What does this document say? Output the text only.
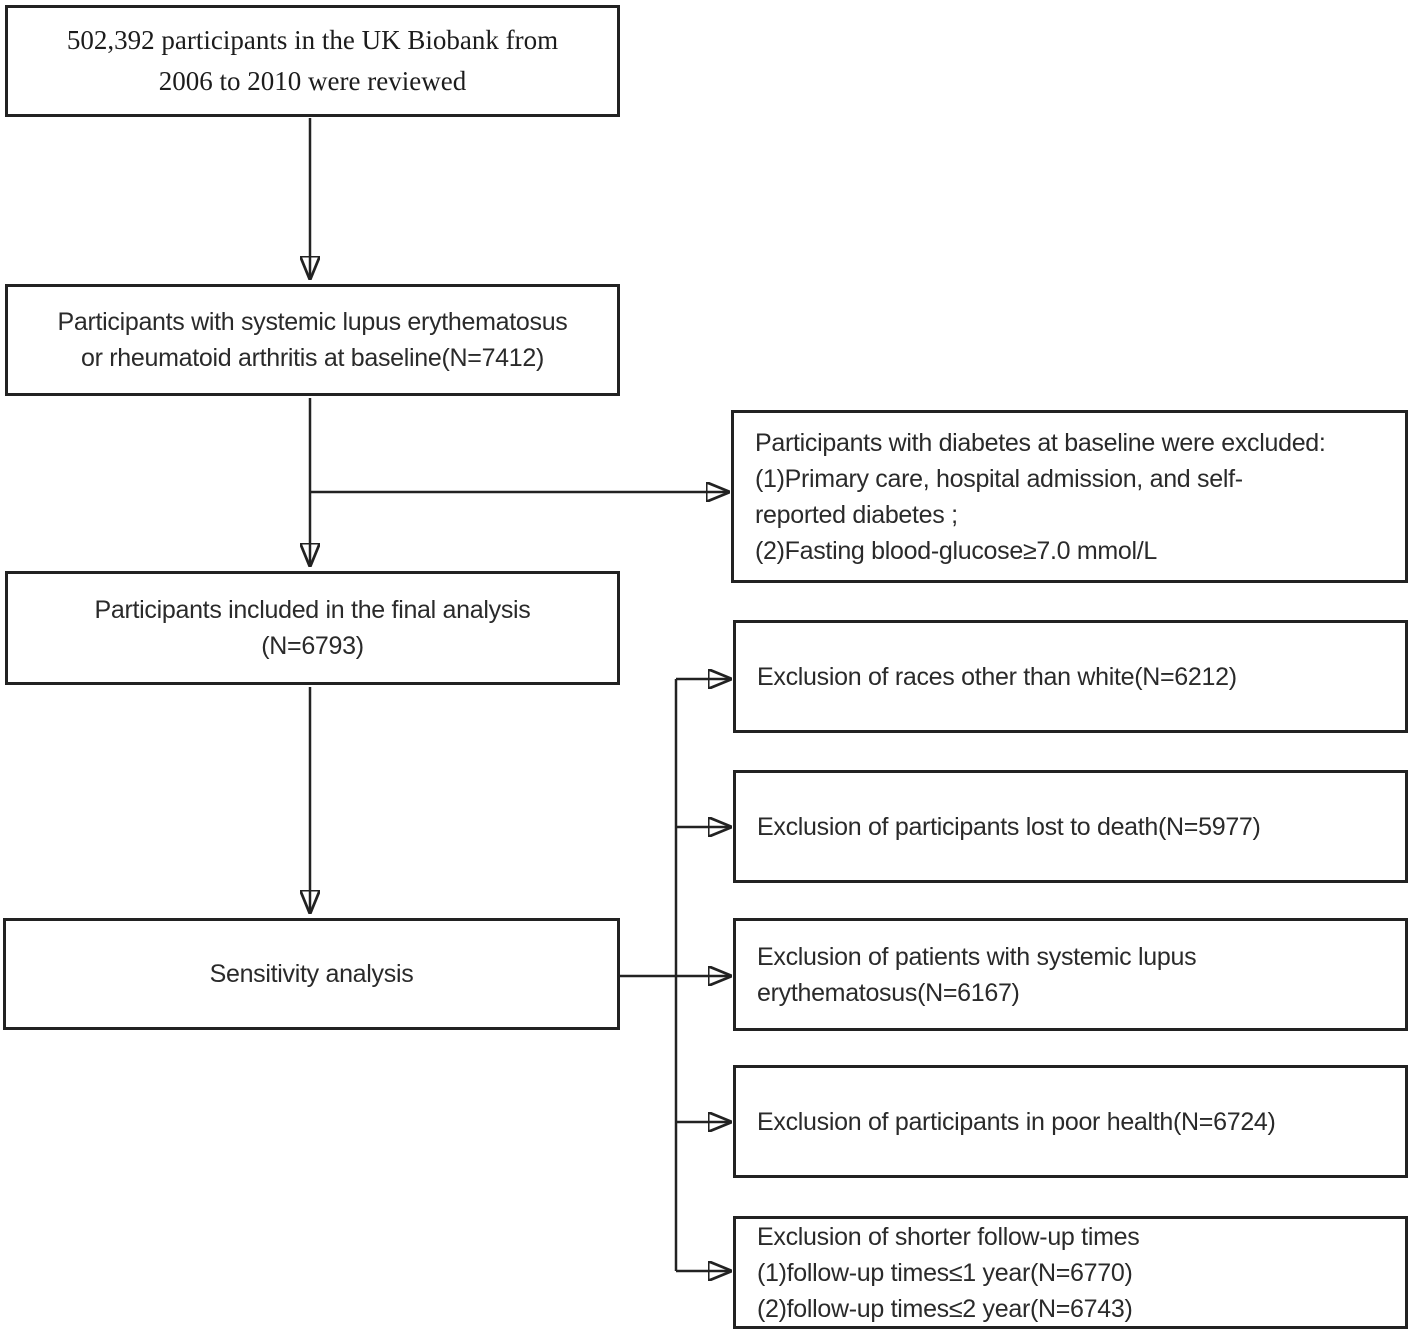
502,392 participants in the UK Biobank from
2006 to 2010 were reviewed
Participants with systemic lupus erythematosus
or rheumatoid arthritis at baseline(N=7412)
Participants with diabetes at baseline were excluded:
(1)Primary care, hospital admission, and self-
reported diabetes ;
(2)Fasting blood-glucose≥7.0 mmol/L
Participants included in the final analysis
(N=6793)
Exclusion of races other than white(N=6212)
Exclusion of participants lost to death(N=5977)
Sensitivity analysis
Exclusion of patients with systemic lupus
erythematosus(N=6167)
Exclusion of participants in poor health(N=6724)
Exclusion of shorter follow-up times
(1)follow-up times≤1 year(N=6770)
(2)follow-up times≤2 year(N=6743)
